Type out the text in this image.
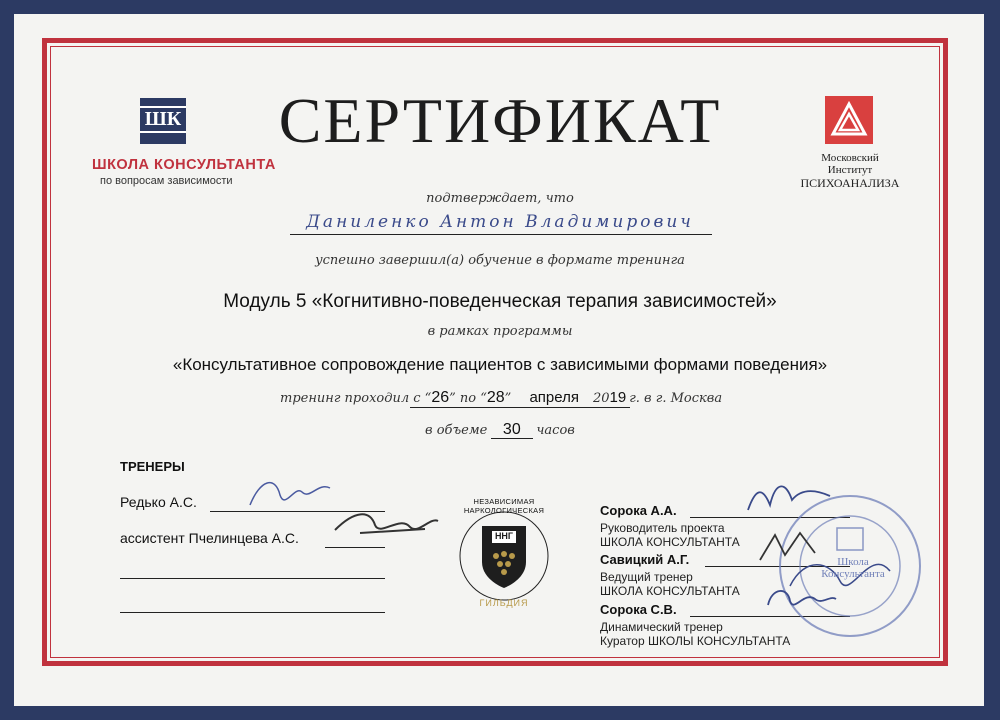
ШК
ШКОЛА КОНСУЛЬТАНТА
по вопросам зависимости
Московский
Институт
ПСИХОАНАЛИЗА
СЕРТИФИКАТ
подтверждает, что
Даниленко Антон Владимирович
успешно завершил(а) обучение в формате тренинга
Модуль 5 «Когнитивно-поведенческая терапия зависимостей»
в рамках программы
«Консультативное сопровождение пациентов с зависимыми формами поведения»
тренинг проходил с “26” по “28” апреля 2019 г. в г. Москва
в объеме 30 часов
ТРЕНЕРЫ
Редько А.С.
ассистент Пчелинцева А.С.	ННГ
НЕЗАВИСИМАЯ НАРКОЛОГИЧЕСКАЯ
ГИЛЬДИЯ
Сорока А.А.
Руководитель проекта
ШКОЛА КОНСУЛЬТАНТА
Савицкий А.Г.
Ведущий тренер
ШКОЛА КОНСУЛЬТАНТА
Сорока С.В.
Динамический тренер
Куратор ШКОЛЫ КОНСУЛЬТАНТА
Школа Консультанта
